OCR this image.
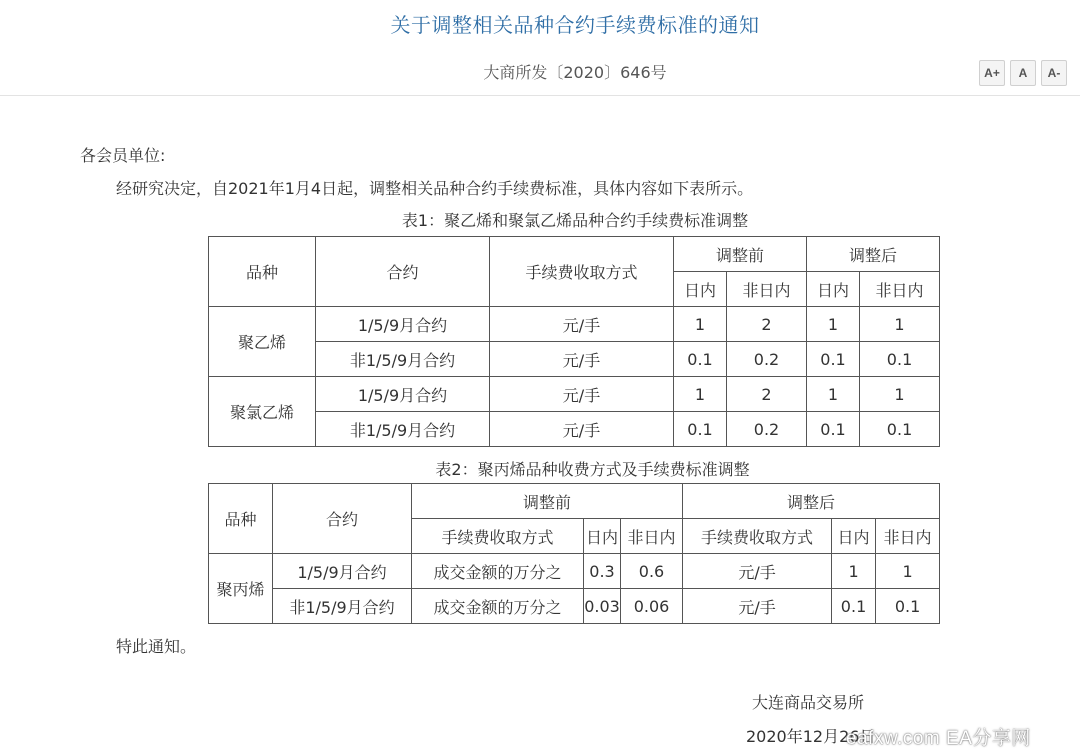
关于调整相关品种合约手续费标准的通知
大商所发〔2020〕646号	A+	A	A-
各会员单位:
经研究决定，自2021年1月4日起，调整相关品种合约手续费标准，具体内容如下表所示。
表1：聚乙烯和聚氯乙烯品种合约手续费标准调整
品种	合约	手续费收取方式	调整前		调整后	
			日内	非日内	日内	非日内
聚乙烯	1/5/9月合约	元/手	1	2	1	1
	非1/5/9月合约	元/手	0.1	0.2	0.1	0.1
聚氯乙烯	1/5/9月合约	元/手	1	2	1	1
	非1/5/9月合约	元/手	0.1	0.2	0.1	0.1
表2：聚丙烯品种收费方式及手续费标准调整
品种	合约	调整前			调整后		
		手续费收取方式	日内	非日内	手续费收取方式	日内	非日内
聚丙烯	1/5/9月合约	成交金额的万分之	0.3	0.6	元/手	1	1
	非1/5/9月合约	成交金额的万分之	0.03	0.06	元/手	0.1	0.1
特此通知。
大连商品交易所
2020年12月26日
eafxw.com EA分享网
